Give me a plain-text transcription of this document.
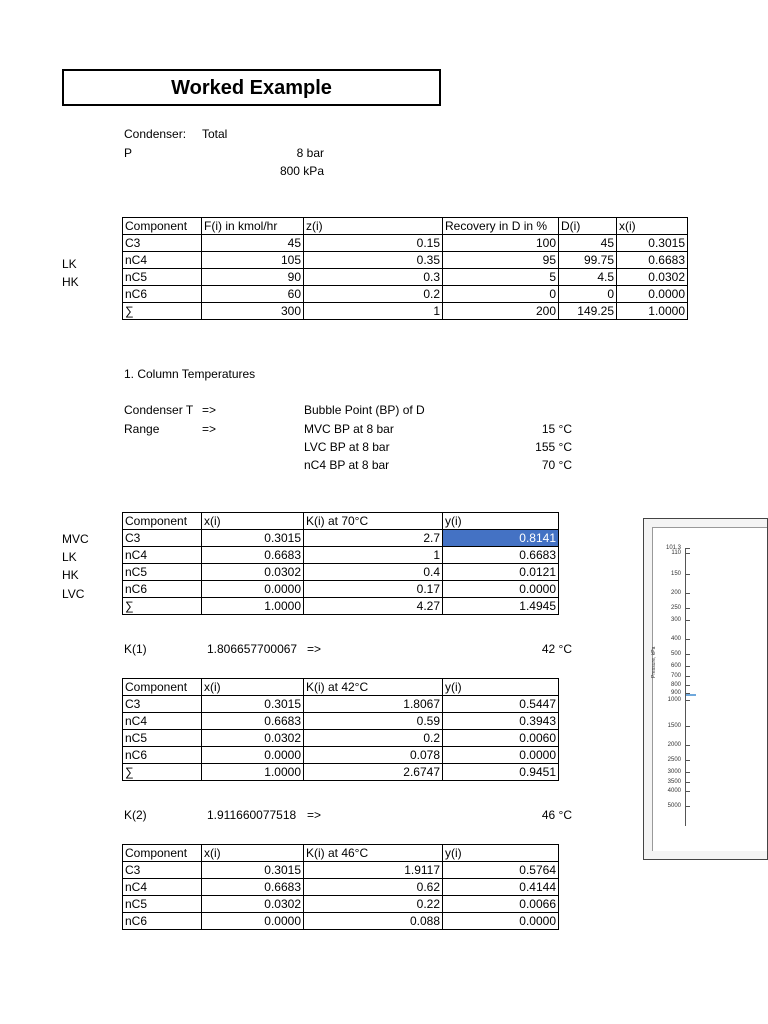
Worked Example
Condenser: Total
P	8 bar
800 kPa
LK
HK
Component	F(i) in kmol/hr	z(i)	Recovery in D in %	D(i)	x(i)
C3	45	0.15	100	45	0.3015
nC4	105	0.35	95	99.75	0.6683
nC5	90	0.3	5	4.5	0.0302
nC6	60	0.2	0	0	0.0000
∑	300	1	200	149.25	1.0000
1. Column Temperatures
Condenser T =>	Bubble Point (BP) of D
Range	=>	MVC BP at 8 bar	15 °C
LVC BP at 8 bar	155 °C
nC4 BP at 8 bar	70 °C
MVC
LK
HK
LVC
Component	x(i)	K(i) at 70°C	y(i)
C3	0.3015	2.7	0.8141
nC4	0.6683	1	0.6683
nC5	0.0302	0.4	0.0121
nC6	0.0000	0.17	0.0000
∑	1.0000	4.27	1.4945
K(1)	1.806657700067 =>	42 °C
Component	x(i)	K(i) at 42°C	y(i)
C3	0.3015	1.8067	0.5447
nC4	0.6683	0.59	0.3943
nC5	0.0302	0.2	0.0060
nC6	0.0000	0.078	0.0000
∑	1.0000	2.6747	0.9451
K(2)	1.911660077518 =>	46 °C
Component	x(i)	K(i) at 46°C	y(i)
C3	0.3015	1.9117	0.5764
nC4	0.6683	0.62	0.4144
nC5	0.0302	0.22	0.0066
nC6	0.0000	0.088	0.0000
Pressure, kPa
101.3
110
150
200
250
300
400
500
600
700
800
900
1000
1500
2000
2500
3000
3500
4000
5000
